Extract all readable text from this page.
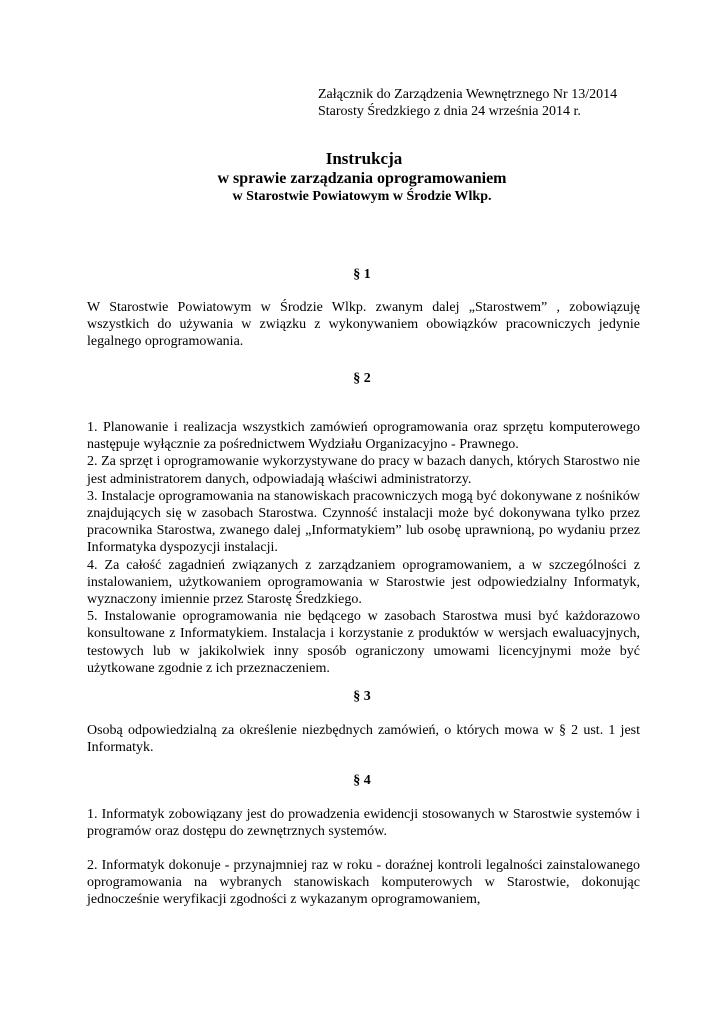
Załącznik do Zarządzenia Wewnętrznego Nr 13/2014
Starosty Średzkiego z dnia 24 września 2014 r.
Instrukcja
w sprawie zarządzania oprogramowaniem
w Starostwie Powiatowym w Środzie Wlkp.
§ 1

W Starostwie Powiatowym w Środzie Wlkp. zwanym dalej „Starostwem” , zobowiązuję wszystkich do używania w związku z wykonywaniem obowiązków pracowniczych jedynie legalnego oprogramowania.

§ 2

1. Planowanie i realizacja wszystkich zamówień oprogramowania oraz sprzętu komputerowego następuje wyłącznie za pośrednictwem Wydziału Organizacyjno - Prawnego.

2. Za sprzęt i oprogramowanie wykorzystywane do pracy w bazach danych, których Starostwo nie jest administratorem danych, odpowiadają właściwi administratorzy.

3. Instalacje oprogramowania na stanowiskach pracowniczych mogą być dokonywane z nośników znajdujących się w zasobach Starostwa. Czynność instalacji może być dokonywana tylko przez pracownika Starostwa, zwanego dalej „Informatykiem” lub osobę uprawnioną, po wydaniu przez Informatyka dyspozycji instalacji.

4. Za całość zagadnień związanych z zarządzaniem oprogramowaniem, a w szczególności z instalowaniem, użytkowaniem oprogramowania w Starostwie jest odpowiedzialny Informatyk, wyznaczony imiennie przez Starostę Średzkiego.

5. Instalowanie oprogramowania nie będącego w zasobach Starostwa musi być każdorazowo konsultowane z Informatykiem. Instalacja i korzystanie z produktów w wersjach ewaluacyjnych, testowych lub w jakikolwiek inny sposób ograniczony umowami licencyjnymi może być użytkowane zgodnie z ich przeznaczeniem.

§ 3

Osobą odpowiedzialną za określenie niezbędnych zamówień, o których mowa w § 2 ust. 1 jest Informatyk.

§ 4

1. Informatyk zobowiązany jest do prowadzenia ewidencji stosowanych w Starostwie systemów i programów oraz dostępu do zewnętrznych systemów.

2. Informatyk dokonuje - przynajmniej raz w roku - doraźnej kontroli legalności zainstalowanego oprogramowania na wybranych stanowiskach komputerowych w Starostwie, dokonując jednocześnie weryfikacji zgodności z wykazanym oprogramowaniem,
